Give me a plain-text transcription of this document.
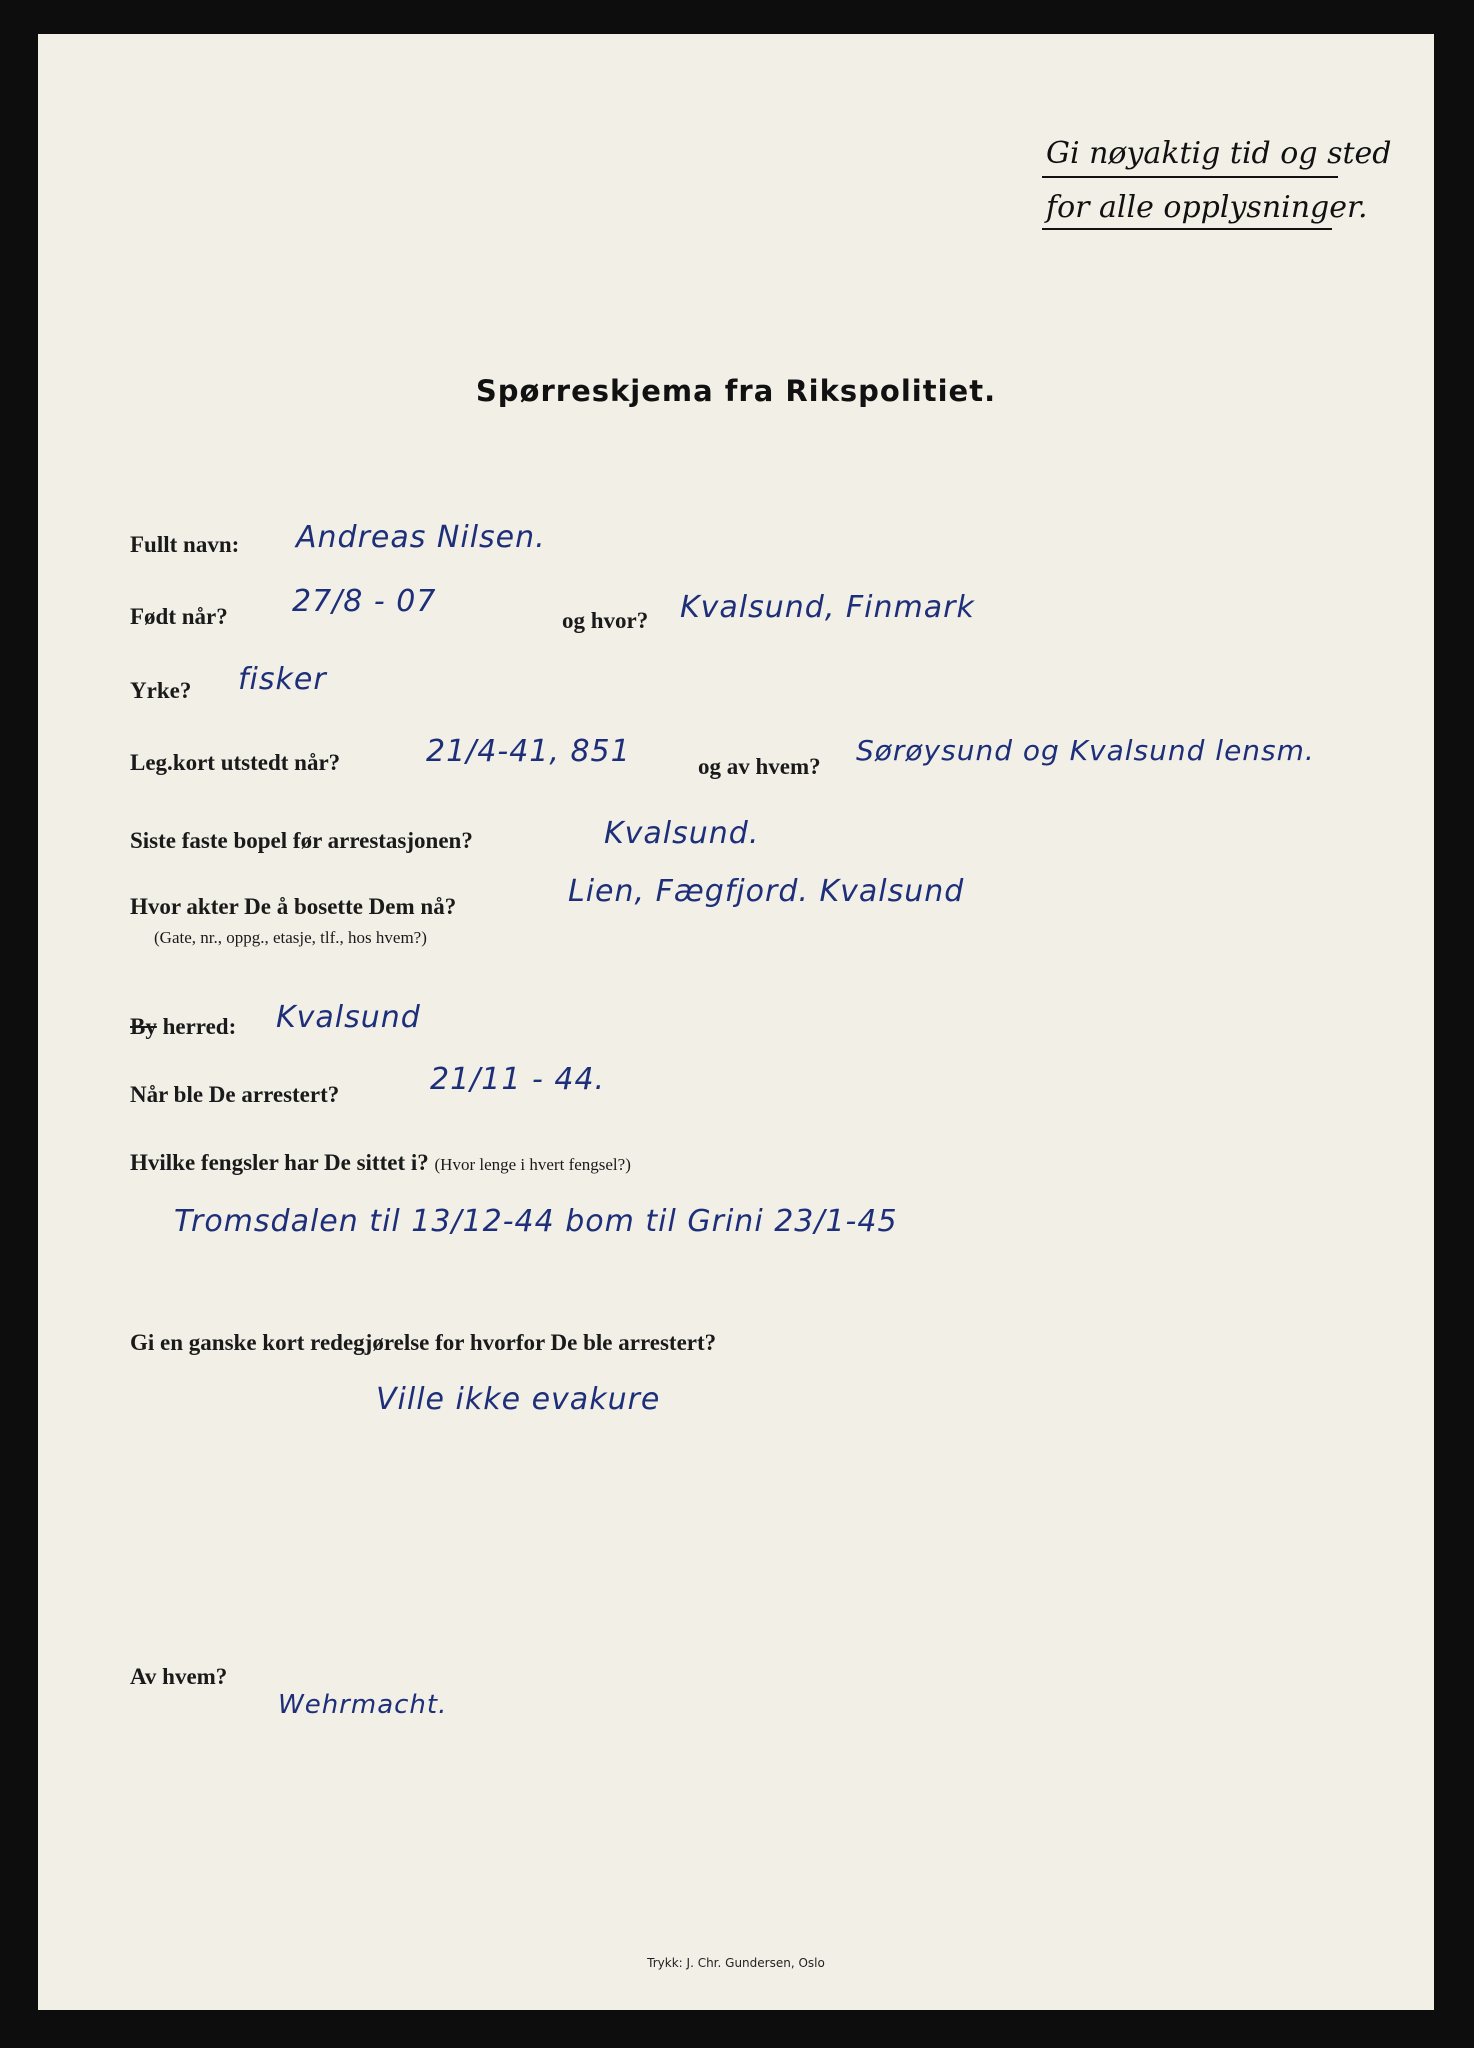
Gi nøyaktig tid og sted
for alle opplysninger.
Spørreskjema fra Rikspolitiet.
Fullt navn: Andreas Nilsen.
Født når? 27/8 - 07
og hvor? Kvalsund, Finmark
Yrke? fisker
Leg.kort utstedt når?	21/4-41, 851	og av hvem? Sørøysund og Kvalsund lensm.
Siste faste bopel før arrestasjonen?	Kvalsund.
Hvor akter De å bosette Dem nå?	Lien, Fægfjord. Kvalsund
(Gate, nr., oppg., etasje, tlf., hos hvem?)
By herred: Kvalsund
Når ble De arrestert?	21/11 - 44.
Hvilke fengsler har De sittet i? (Hvor lenge i hvert fengsel?)
Tromsdalen til 13/12-44 bom til Grini 23/1-45
Gi en ganske kort redegjørelse for hvorfor De ble arrestert?
Ville ikke evakure
Av hvem?
Wehrmacht.
Trykk: J. Chr. Gundersen, Oslo
